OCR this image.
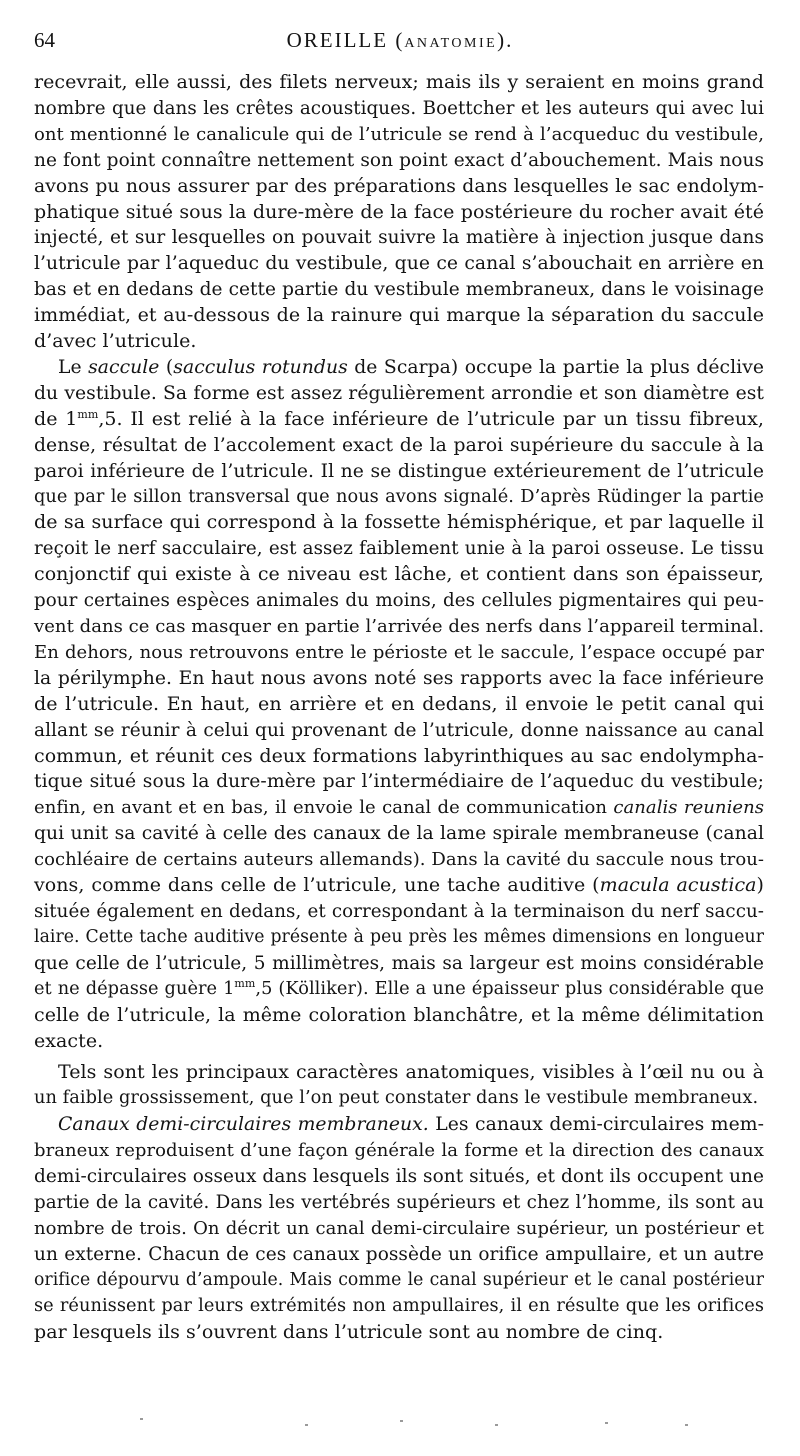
64	OREILLE (ANATOMIE).
recevrait, elle aussi, des filets nerveux; mais ils y seraient en moins grand
nombre que dans les crêtes acoustiques. Boettcher et les auteurs qui avec lui
ont mentionné le canalicule qui de l’utricule se rend à l’acqueduc du vestibule,
ne font point connaître nettement son point exact d’abouchement. Mais nous
avons pu nous assurer par des préparations dans lesquelles le sac endolym-
phatique situé sous la dure-mère de la face postérieure du rocher avait été
injecté, et sur lesquelles on pouvait suivre la matière à injection jusque dans
l’utricule par l’aqueduc du vestibule, que ce canal s’abouchait en arrière en
bas et en dedans de cette partie du vestibule membraneux, dans le voisinage
immédiat, et au-dessous de la rainure qui marque la séparation du saccule
d’avec l’utricule.
Le saccule (sacculus rotundus de Scarpa) occupe la partie la plus déclive
du vestibule. Sa forme est assez régulièrement arrondie et son diamètre est
de $1^{mm},5$. Il est relié à la face inférieure de l’utricule par un tissu fibreux,
dense, résultat de l’accolement exact de la paroi supérieure du saccule à la
paroi inférieure de l’utricule. Il ne se distingue extérieurement de l’utricule
que par le sillon transversal que nous avons signalé. D’après Rüdinger la partie
de sa surface qui correspond à la fossette hémisphérique, et par laquelle il
reçoit le nerf sacculaire, est assez faiblement unie à la paroi osseuse. Le tissu
conjonctif qui existe à ce niveau est lâche, et contient dans son épaisseur,
pour certaines espèces animales du moins, des cellules pigmentaires qui peu-
vent dans ce cas masquer en partie l’arrivée des nerfs dans l’appareil terminal.
En dehors, nous retrouvons entre le périoste et le saccule, l’espace occupé par
la périlymphe. En haut nous avons noté ses rapports avec la face inférieure
de l’utricule. En haut, en arrière et en dedans, il envoie le petit canal qui
allant se réunir à celui qui provenant de l’utricule, donne naissance au canal
commun, et réunit ces deux formations labyrinthiques au sac endolympha-
tique situé sous la dure-mère par l’intermédiaire de l’aqueduc du vestibule;
enfin, en avant et en bas, il envoie le canal de communication canalis reuniens
qui unit sa cavité à celle des canaux de la lame spirale membraneuse (canal
cochléaire de certains auteurs allemands). Dans la cavité du saccule nous trou-
vons, comme dans celle de l’utricule, une tache auditive (macula acustica)
située également en dedans, et correspondant à la terminaison du nerf saccu-
laire. Cette tache auditive présente à peu près les mêmes dimensions en longueur
que celle de l’utricule, 5 millimètres, mais sa largeur est moins considérable
et ne dépasse guère $1^{mm},5$ (Kölliker). Elle a une épaisseur plus considérable que
celle de l’utricule, la même coloration blanchâtre, et la même délimitation
exacte.
Tels sont les principaux caractères anatomiques, visibles à l’œil nu ou à
un faible grossissement, que l’on peut constater dans le vestibule membraneux.
Canaux demi-circulaires membraneux. Les canaux demi-circulaires mem-
braneux reproduisent d’une façon générale la forme et la direction des canaux
demi-circulaires osseux dans lesquels ils sont situés, et dont ils occupent une
partie de la cavité. Dans les vertébrés supérieurs et chez l’homme, ils sont au
nombre de trois. On décrit un canal demi-circulaire supérieur, un postérieur et
un externe. Chacun de ces canaux possède un orifice ampullaire, et un autre
orifice dépourvu d’ampoule. Mais comme le canal supérieur et le canal postérieur
se réunissent par leurs extrémités non ampullaires, il en résulte que les orifices
par lesquels ils s’ouvrent dans l’utricule sont au nombre de cinq.
